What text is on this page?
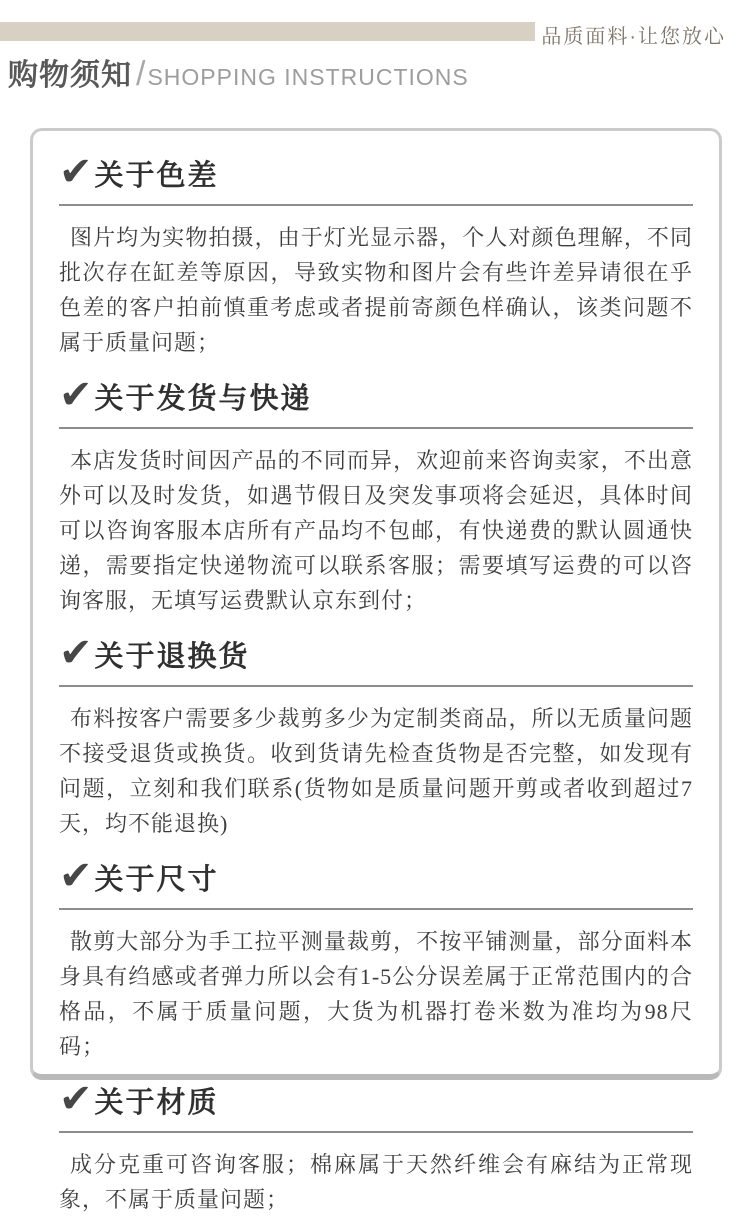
品质面料·让您放心
购物须知 / SHOPPING INSTRUCTIONS
✔ 关于色差

图片均为实物拍摄，由于灯光显示器，个人对颜色理解，不同批次存在缸差等原因，导致实物和图片会有些许差异请很在乎色差的客户拍前慎重考虑或者提前寄颜色样确认，该类问题不属于质量问题；

✔ 关于发货与快递

本店发货时间因产品的不同而异，欢迎前来咨询卖家，不出意外可以及时发货，如遇节假日及突发事项将会延迟，具体时间可以咨询客服本店所有产品均不包邮，有快递费的默认圆通快递，需要指定快递物流可以联系客服；需要填写运费的可以咨询客服，无填写运费默认京东到付；

✔ 关于退换货

布料按客户需要多少裁剪多少为定制类商品，所以无质量问题不接受退货或换货。收到货请先检查货物是否完整，如发现有问题，立刻和我们联系(货物如是质量问题开剪或者收到超过7天，均不能退换)

✔ 关于尺寸

散剪大部分为手工拉平测量裁剪，不按平铺测量，部分面料本身具有绉感或者弹力所以会有1-5公分误差属于正常范围内的合格品，不属于质量问题，大货为机器打卷米数为准均为98尺码；

✔ 关于材质

成分克重可咨询客服；棉麻属于天然纤维会有麻结为正常现象，不属于质量问题；
